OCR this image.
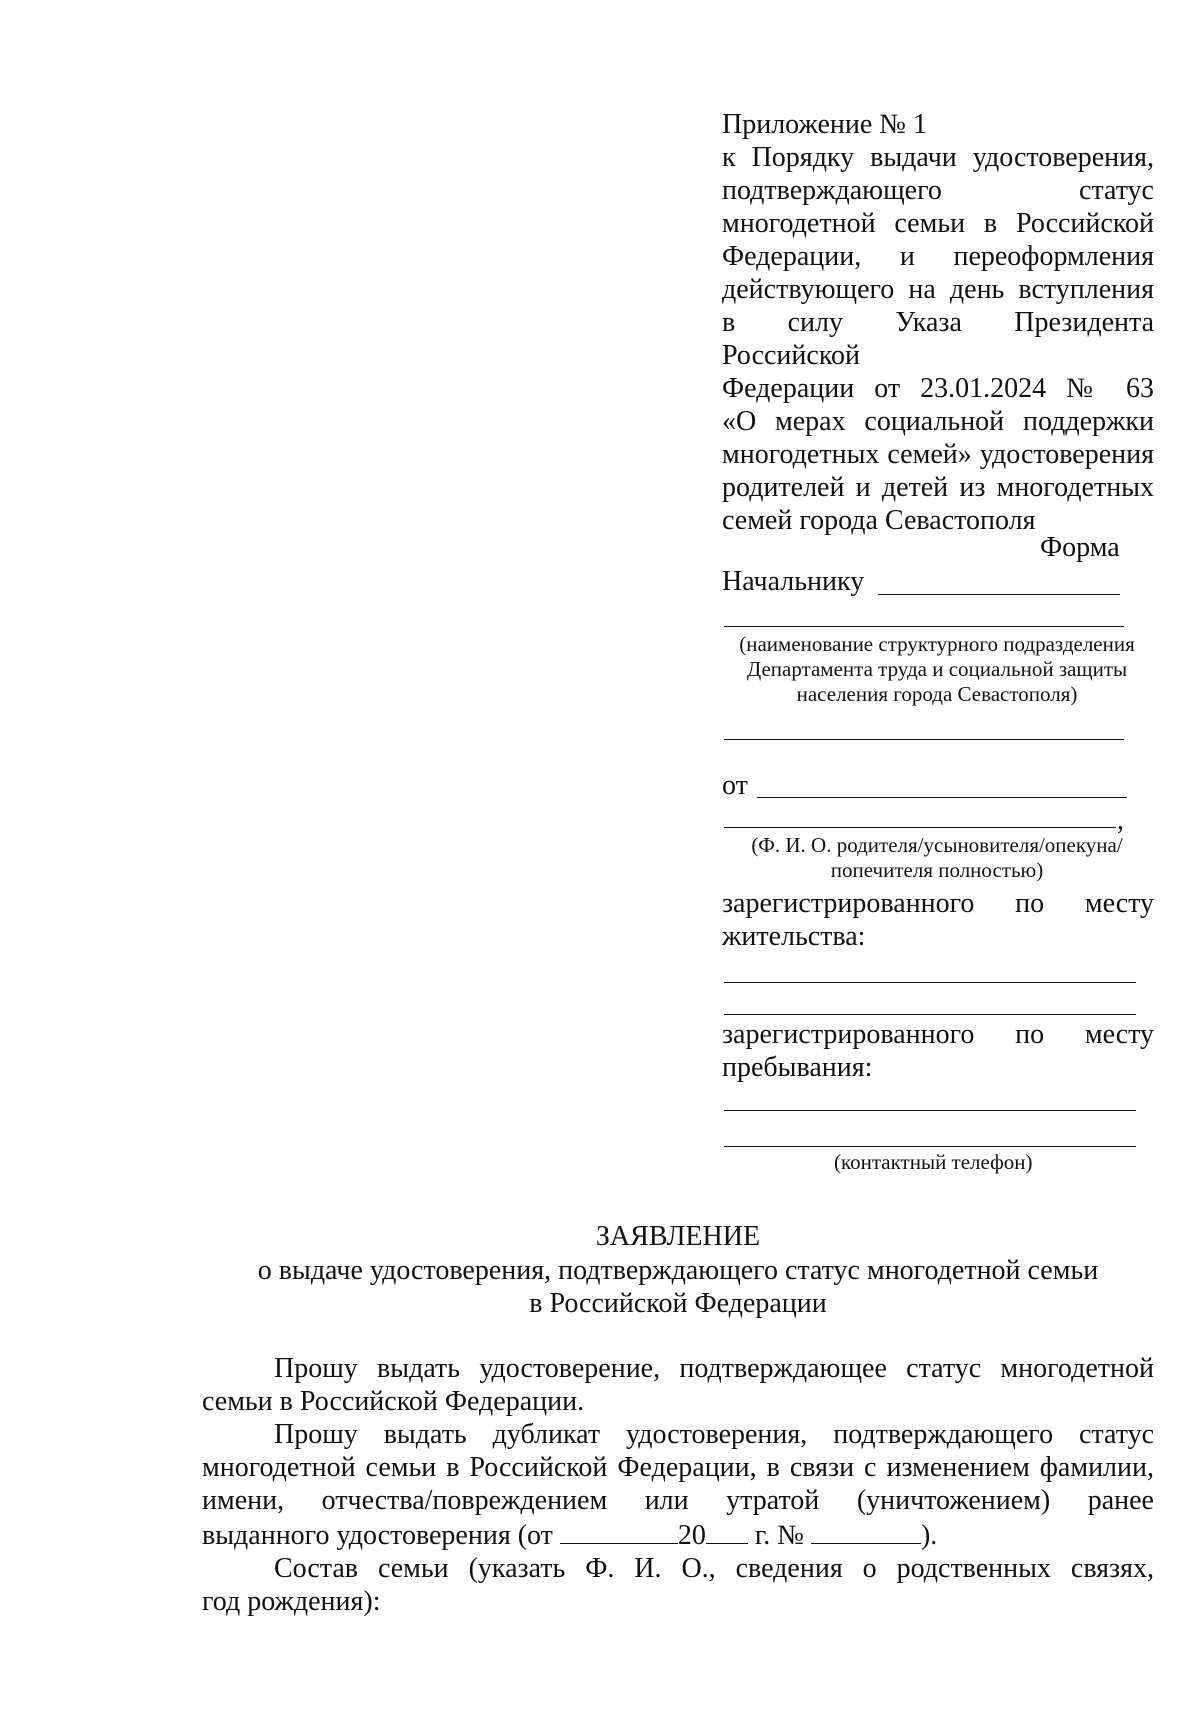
Приложение № 1
к Порядку выдачи удостоверения,
подтверждающего статус
многодетной семьи в Российской
Федерации, и переоформления
действующего на день вступления
в силу Указа Президента Российской
Федерации от 23.01.2024 № 63
«О мерах социальной поддержки
многодетных семей» удостоверения
родителей и детей из многодетных
семей города Севастополя
Форма
Начальнику
(наименование структурного подразделения
Департамента труда и социальной защиты
населения города Севастополя)
от
,
(Ф. И. О. родителя/усыновителя/опекуна/
попечителя полностью)
зарегистрированного по месту
жительства:
зарегистрированного по месту
пребывания:
(контактный телефон)
ЗАЯВЛЕНИЕ
о выдаче удостоверения, подтверждающего статус многодетной семьи
в Российской Федерации
Прошу выдать удостоверение, подтверждающее статус многодетной
семьи в Российской Федерации.
Прошу выдать дубликат удостоверения, подтверждающего статус
многодетной семьи в Российской Федерации, в связи с изменением фамилии,
имени, отчества/повреждением или утратой (уничтожением) ранее
выданного удостоверения (от	20 г. №	).
Состав семьи (указать Ф. И. О., сведения о родственных связях,
год рождения):
